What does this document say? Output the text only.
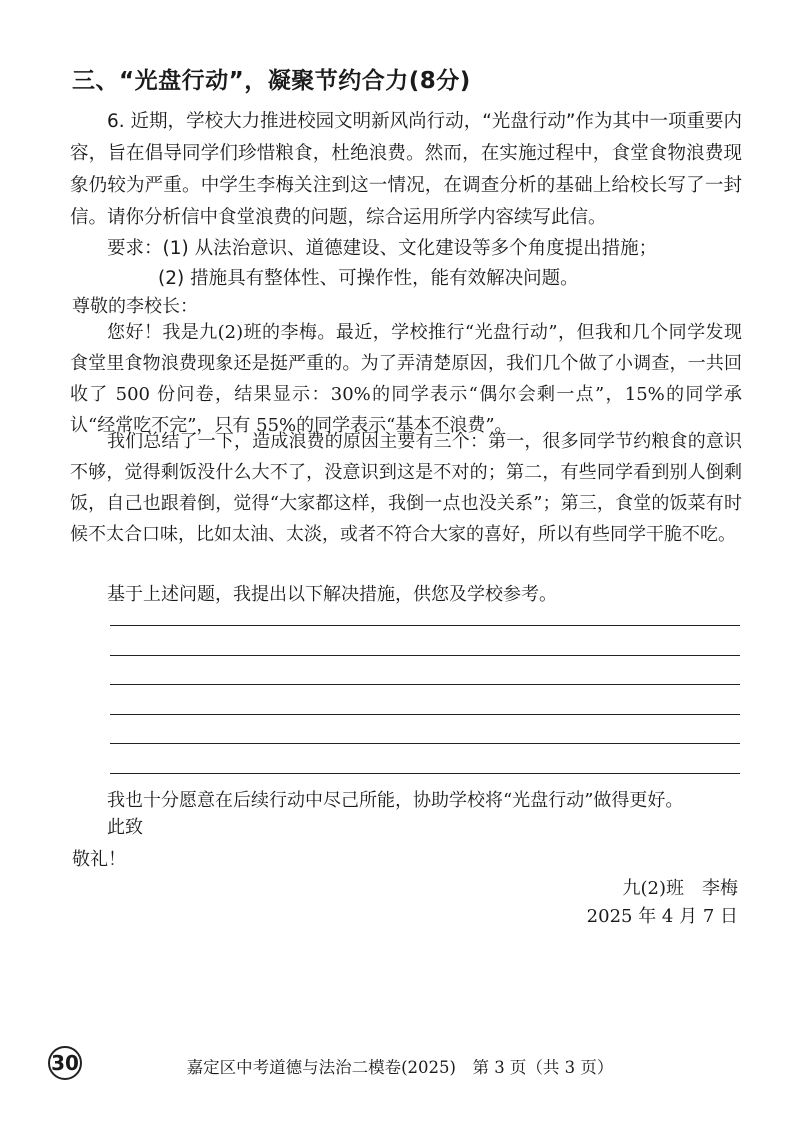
三、“光盘行动”，凝聚节约合力(8分)

6. 近期，学校大力推进校园文明新风尚行动，“光盘行动”作为其中一项重要内容，旨在倡导同学们珍惜粮食，杜绝浪费。然而，在实施过程中，食堂食物浪费现象仍较为严重。中学生李梅关注到这一情况，在调查分析的基础上给校长写了一封信。请你分析信中食堂浪费的问题，综合运用所学内容续写此信。

要求：(1) 从法治意识、道德建设、文化建设等多个角度提出措施；
(2) 措施具有整体性、可操作性，能有效解决问题。
尊敬的李校长：

您好！我是九(2)班的李梅。最近，学校推行“光盘行动”，但我和几个同学发现食堂里食物浪费现象还是挺严重的。为了弄清楚原因，我们几个做了小调查，一共回收了 500 份问卷，结果显示：30%的同学表示“偶尔会剩一点”，15%的同学承认“经常吃不完”，只有 55%的同学表示“基本不浪费”。

我们总结了一下，造成浪费的原因主要有三个：第一，很多同学节约粮食的意识不够，觉得剩饭没什么大不了，没意识到这是不对的；第二，有些同学看到别人倒剩饭，自己也跟着倒，觉得“大家都这样，我倒一点也没关系”；第三，食堂的饭菜有时候不太合口味，比如太油、太淡，或者不符合大家的喜好，所以有些同学干脆不吃。

基于上述问题，我提出以下解决措施，供您及学校参考。

我也十分愿意在后续行动中尽己所能，协助学校将“光盘行动”做得更好。
此致
敬礼！
九(2)班　李梅
2025 年 4 月 7 日
30	嘉定区中考道德与法治二模卷(2025)　第 3 页（共 3 页）
